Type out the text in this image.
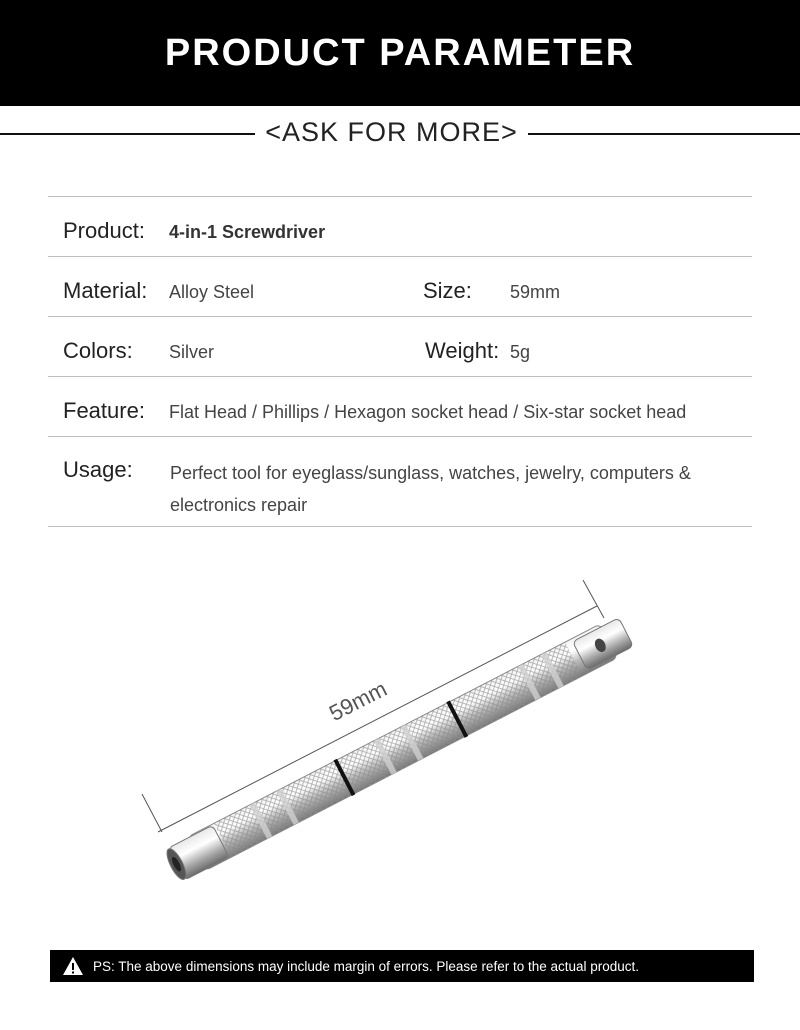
PRODUCT PARAMETER
<ASK FOR MORE>
Product: 4-in-1 Screwdriver
Material: Alloy Steel	Size: 59mm
Colors: Silver	Weight: 5g
Feature: Flat Head / Phillips / Hexagon socket head / Six-star socket head
Usage: Perfect tool for eyeglass/sunglass, watches, jewelry, computers & electronics repair
59mm
PS: The above dimensions may include margin of errors. Please refer to the actual product.
